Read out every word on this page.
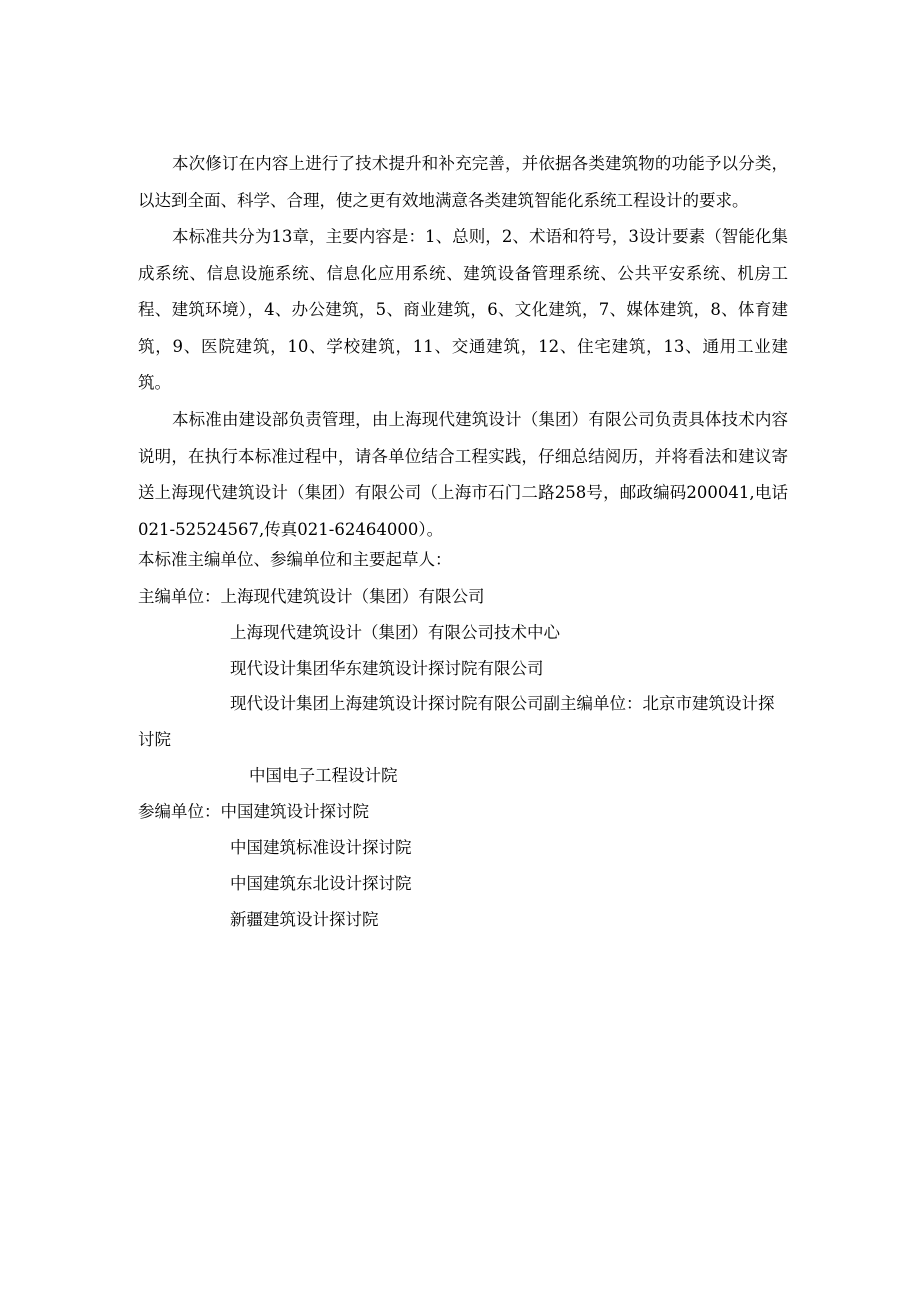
本次修订在内容上进行了技术提升和补充完善，并依据各类建筑物的功能予以分类，以达到全面、科学、合理，使之更有效地满意各类建筑智能化系统工程设计的要求。

本标准共分为13章，主要内容是：1、总则，2、术语和符号，3设计要素（智能化集成系统、信息设施系统、信息化应用系统、建筑设备管理系统、公共平安系统、机房工程、建筑环境），4、办公建筑，5、商业建筑，6、文化建筑，7、媒体建筑，8、体育建筑，9、医院建筑，10、学校建筑，11、交通建筑，12、住宅建筑，13、通用工业建筑。

本标准由建设部负责管理，由上海现代建筑设计（集团）有限公司负责具体技术内容说明，在执行本标准过程中，请各单位结合工程实践，仔细总结阅历，并将看法和建议寄送上海现代建筑设计（集团）有限公司（上海市石门二路258号，邮政编码200041,电话021-52524567,传真021-62464000）。

本标准主编单位、参编单位和主要起草人：

主编单位：上海现代建筑设计（集团）有限公司

上海现代建筑设计（集团）有限公司技术中心

现代设计集团华东建筑设计探讨院有限公司

现代设计集团上海建筑设计探讨院有限公司副主编单位：北京市建筑设计探讨院

中国电子工程设计院

参编单位：中国建筑设计探讨院

中国建筑标准设计探讨院

中国建筑东北设计探讨院

新疆建筑设计探讨院
